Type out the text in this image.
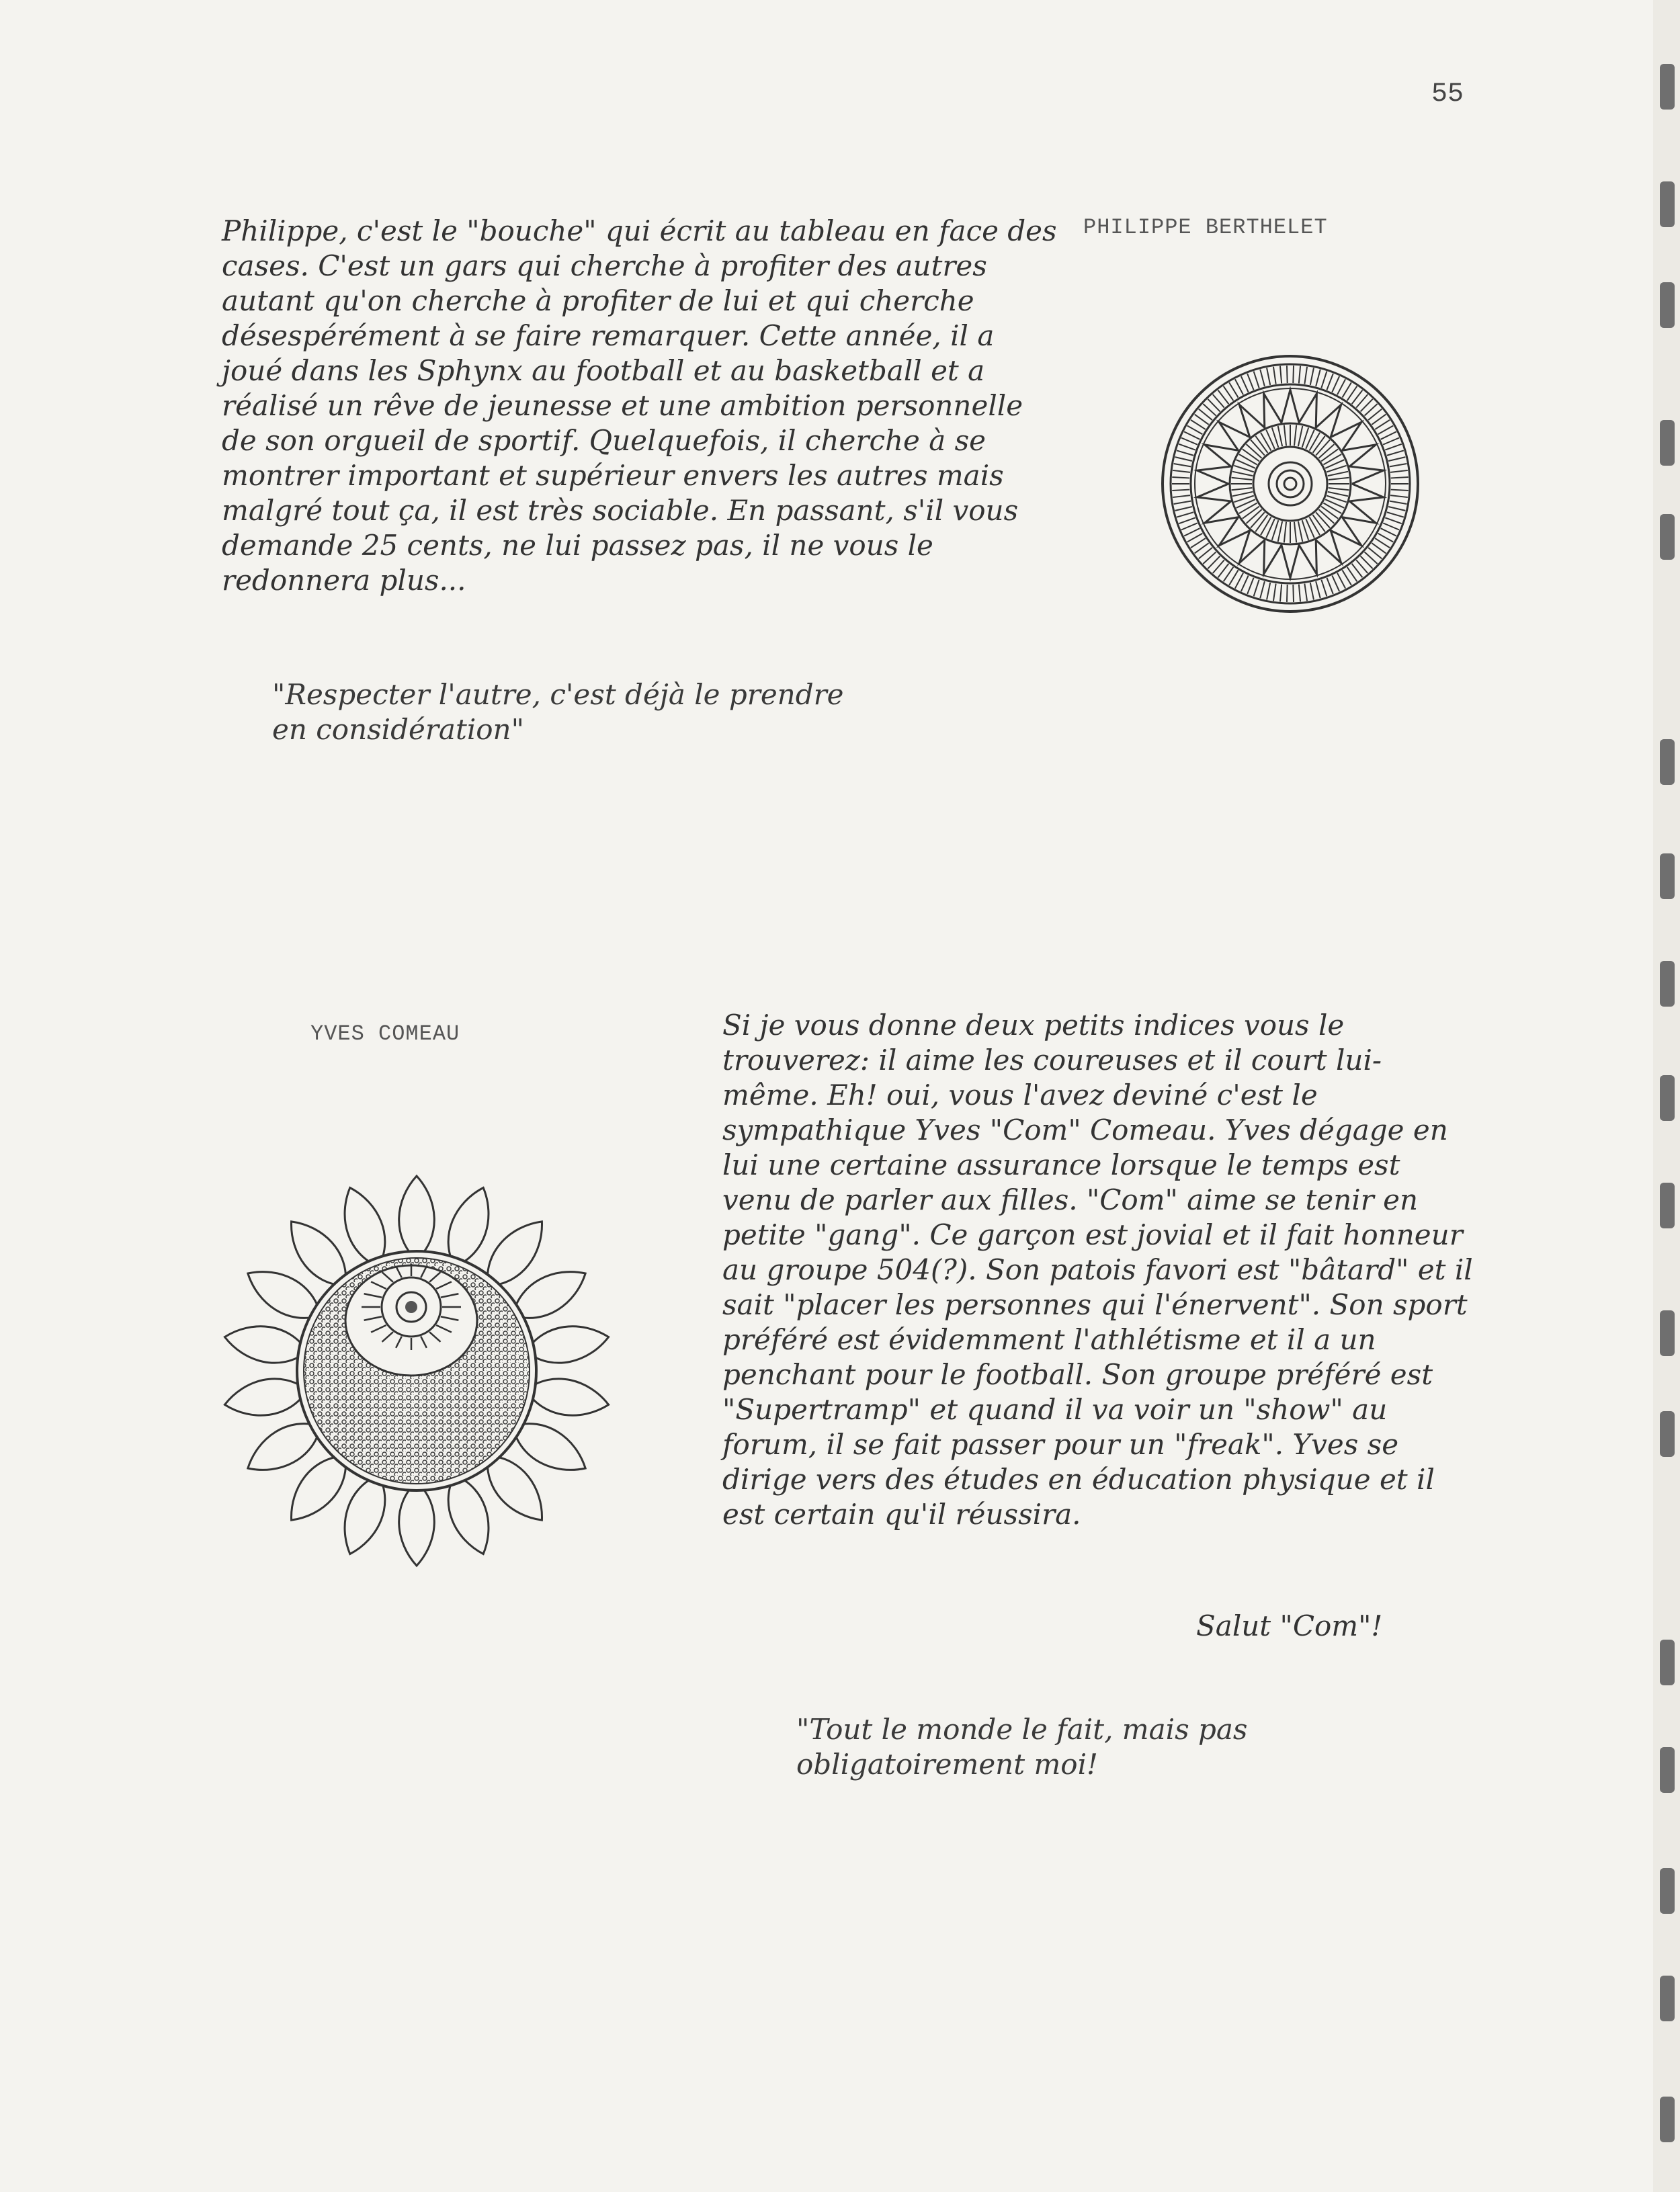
55
PHILIPPE BERTHELET

Philippe, c'est le "bouche" qui écrit au tableau en face des cases. C'est un gars qui cherche à profiter des autres autant qu'on cherche à profiter de lui et qui cherche désespérément à se faire remarquer. Cette année, il a joué dans les Sphynx au football et au basketball et a réalisé un rêve de jeunesse et une ambition personnelle de son orgueil de sportif. Quelquefois, il cherche à se montrer important et supérieur envers les autres mais malgré tout ça, il est très sociable. En passant, s'il vous demande 25 cents, ne lui passez pas, il ne vous le redonnera plus...

"Respecter l'autre, c'est déjà le prendre en considération"

YVES COMEAU	Si je vous donne deux petits indices vous le trouverez: il aime les coureuses et il court lui-même. Eh! oui, vous l'avez deviné c'est le sympathique Yves "Com" Comeau. Yves dégage en lui une certaine assurance lorsque le temps est venu de parler aux filles. "Com" aime se tenir en petite "gang". Ce garçon est jovial et il fait honneur au groupe 504(?). Son patois favori est "bâtard" et il sait "placer les personnes qui l'énervent". Son sport préféré est évidemment l'athlétisme et il a un penchant pour le football. Son groupe préféré est "Supertramp" et quand il va voir un "show" au forum, il se fait passer pour un "freak". Yves se dirige vers des études en éducation physique et il est certain qu'il réussira.

Salut "Com"!

"Tout le monde le fait, mais pas obligatoirement moi!
